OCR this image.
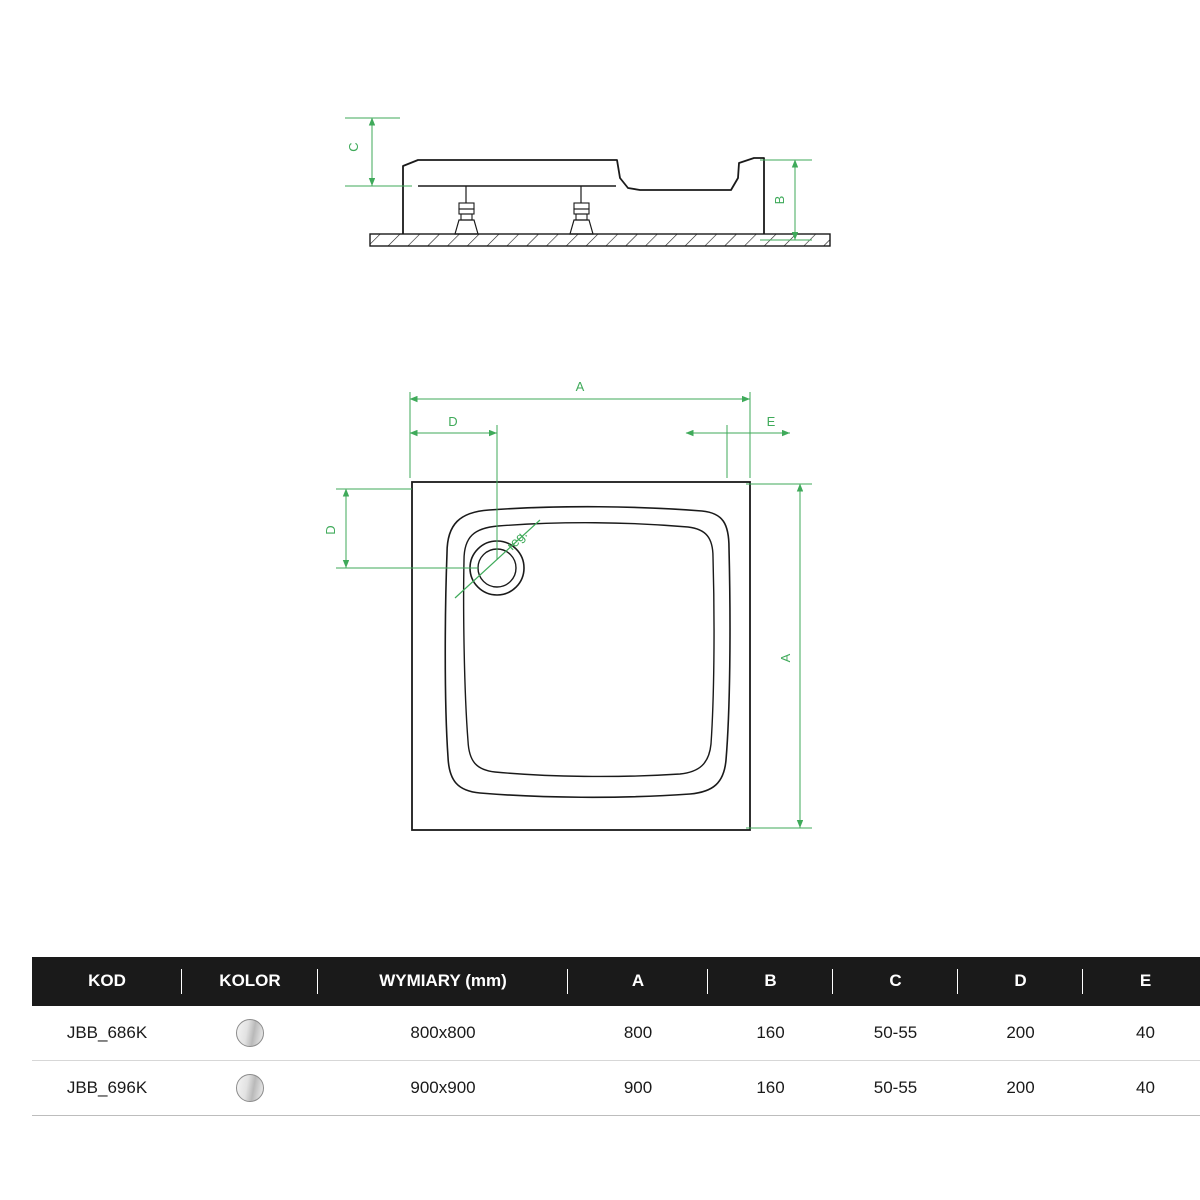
C
B
reg.
A
D	E
D
A
KOD	KOLOR	WYMIARY (mm)	A	B	C	D	E
JBB_686K		800x800	800	160	50-55	200	40
JBB_696K		900x900	900	160	50-55	200	40
